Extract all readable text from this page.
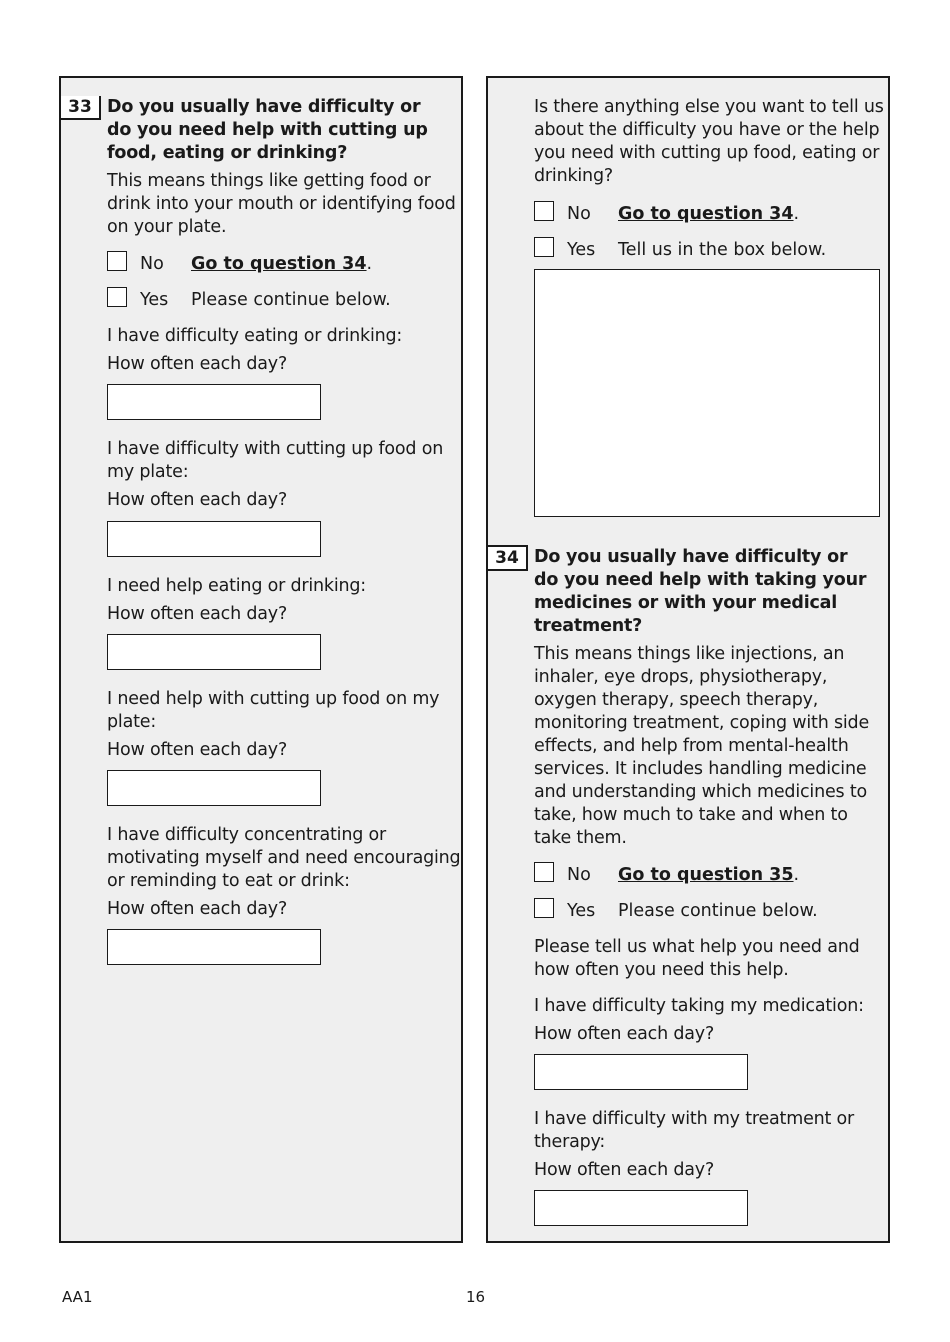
33 Do you usually have difficulty or do you need help with cutting up food, eating or drinking?
This means things like getting food or drink into your mouth or identifying food on your plate.
No Go to question 34.
Yes Please continue below.
I have difficulty eating or drinking:
How often each day?
I have difficulty with cutting up food on my plate:
How often each day?
I need help eating or drinking:
How often each day?
I need help with cutting up food on my plate:
How often each day?
I have difficulty concentrating or motivating myself and need encouraging or reminding to eat or drink:
How often each day?
Is there anything else you want to tell us about the difficulty you have or the help you need with cutting up food, eating or drinking?
No Go to question 34.
Yes Tell us in the box below.
34 Do you usually have difficulty or do you need help with taking your medicines or with your medical treatment?
This means things like injections, an inhaler, eye drops, physiotherapy, oxygen therapy, speech therapy, monitoring treatment, coping with side effects, and help from mental-health services. It includes handling medicine and understanding which medicines to take, how much to take and when to take them.
No Go to question 35.
Yes Please continue below.
Please tell us what help you need and how often you need this help.
I have difficulty taking my medication:
How often each day?
I have difficulty with my treatment or therapy:
How often each day?
AA1	16
